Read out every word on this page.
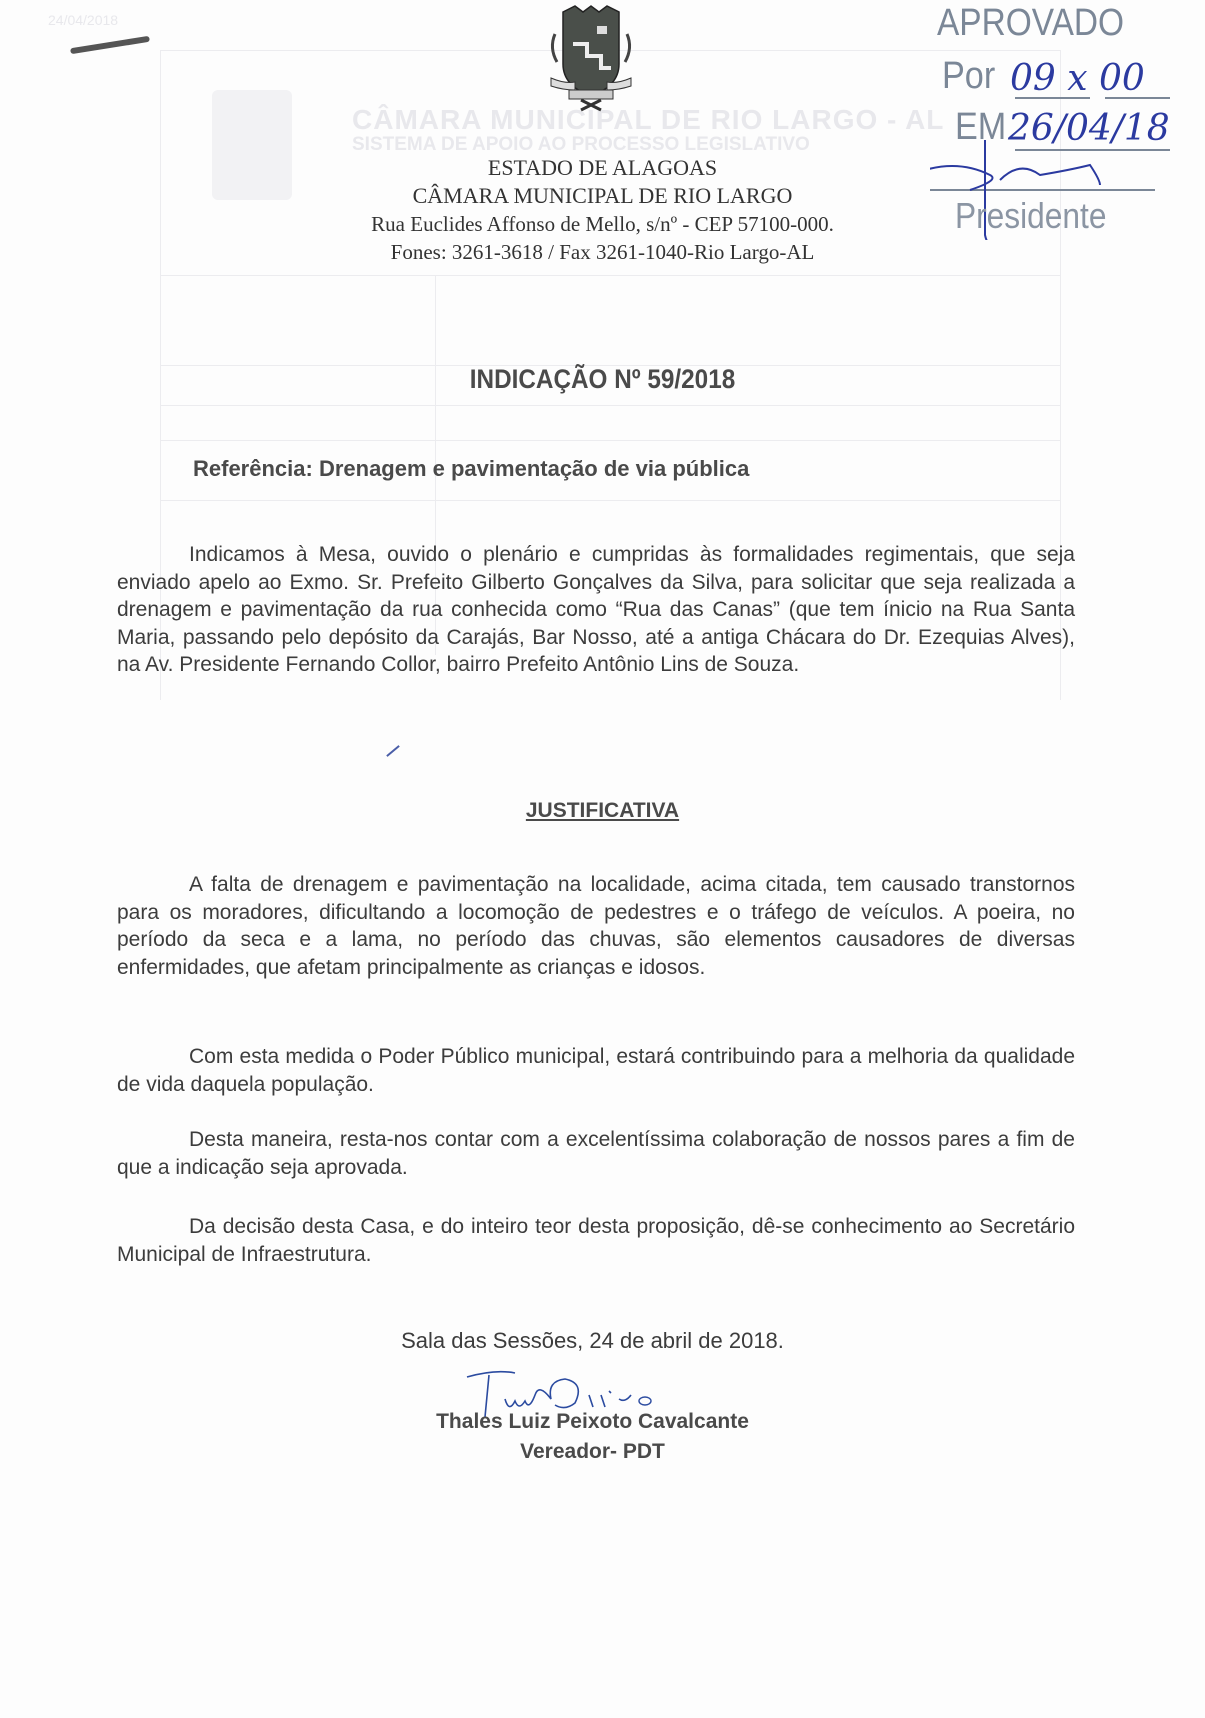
24/04/2018
CÂMARA MUNICIPAL DE RIO LARGO - AL
SISTEMA DE APOIO AO PROCESSO LEGISLATIVO
ESTADO DE ALAGOAS
CÂMARA MUNICIPAL DE RIO LARGO
Rua Euclides Affonso de Mello, s/nº - CEP 57100-000.
Fones: 3261-3618 / Fax 3261-1040-Rio Largo-AL
APROVADO
Por 09 x 00
EM 26/04/18
Presidente
INDICAÇÃO Nº 59/2018
Referência: Drenagem e pavimentação de via pública
Indicamos à Mesa, ouvido o plenário e cumpridas às formalidades regimentais, que seja enviado apelo ao Exmo. Sr. Prefeito Gilberto Gonçalves da Silva, para solicitar que seja realizada a drenagem e pavimentação da rua conhecida como “Rua das Canas” (que tem ínicio na Rua Santa Maria, passando pelo depósito da Carajás, Bar Nosso, até a antiga Chácara do Dr. Ezequias Alves), na Av. Presidente Fernando Collor, bairro Prefeito Antônio Lins de Souza.
JUSTIFICATIVA
A falta de drenagem e pavimentação na localidade, acima citada, tem causado transtornos para os moradores, dificultando a locomoção de pedestres e o tráfego de veículos. A poeira, no período da seca e a lama, no período das chuvas, são elementos causadores de diversas enfermidades, que afetam principalmente as crianças e idosos.
Com esta medida o Poder Público municipal, estará contribuindo para a melhoria da qualidade de vida daquela população.
Desta maneira, resta-nos contar com a excelentíssima colaboração de nossos pares a fim de que a indicação seja aprovada.
Da decisão desta Casa, e do inteiro teor desta proposição, dê-se conhecimento ao Secretário Municipal de Infraestrutura.
Sala das Sessões, 24 de abril de 2018.
Thales Luiz Peixoto Cavalcante
Vereador- PDT
